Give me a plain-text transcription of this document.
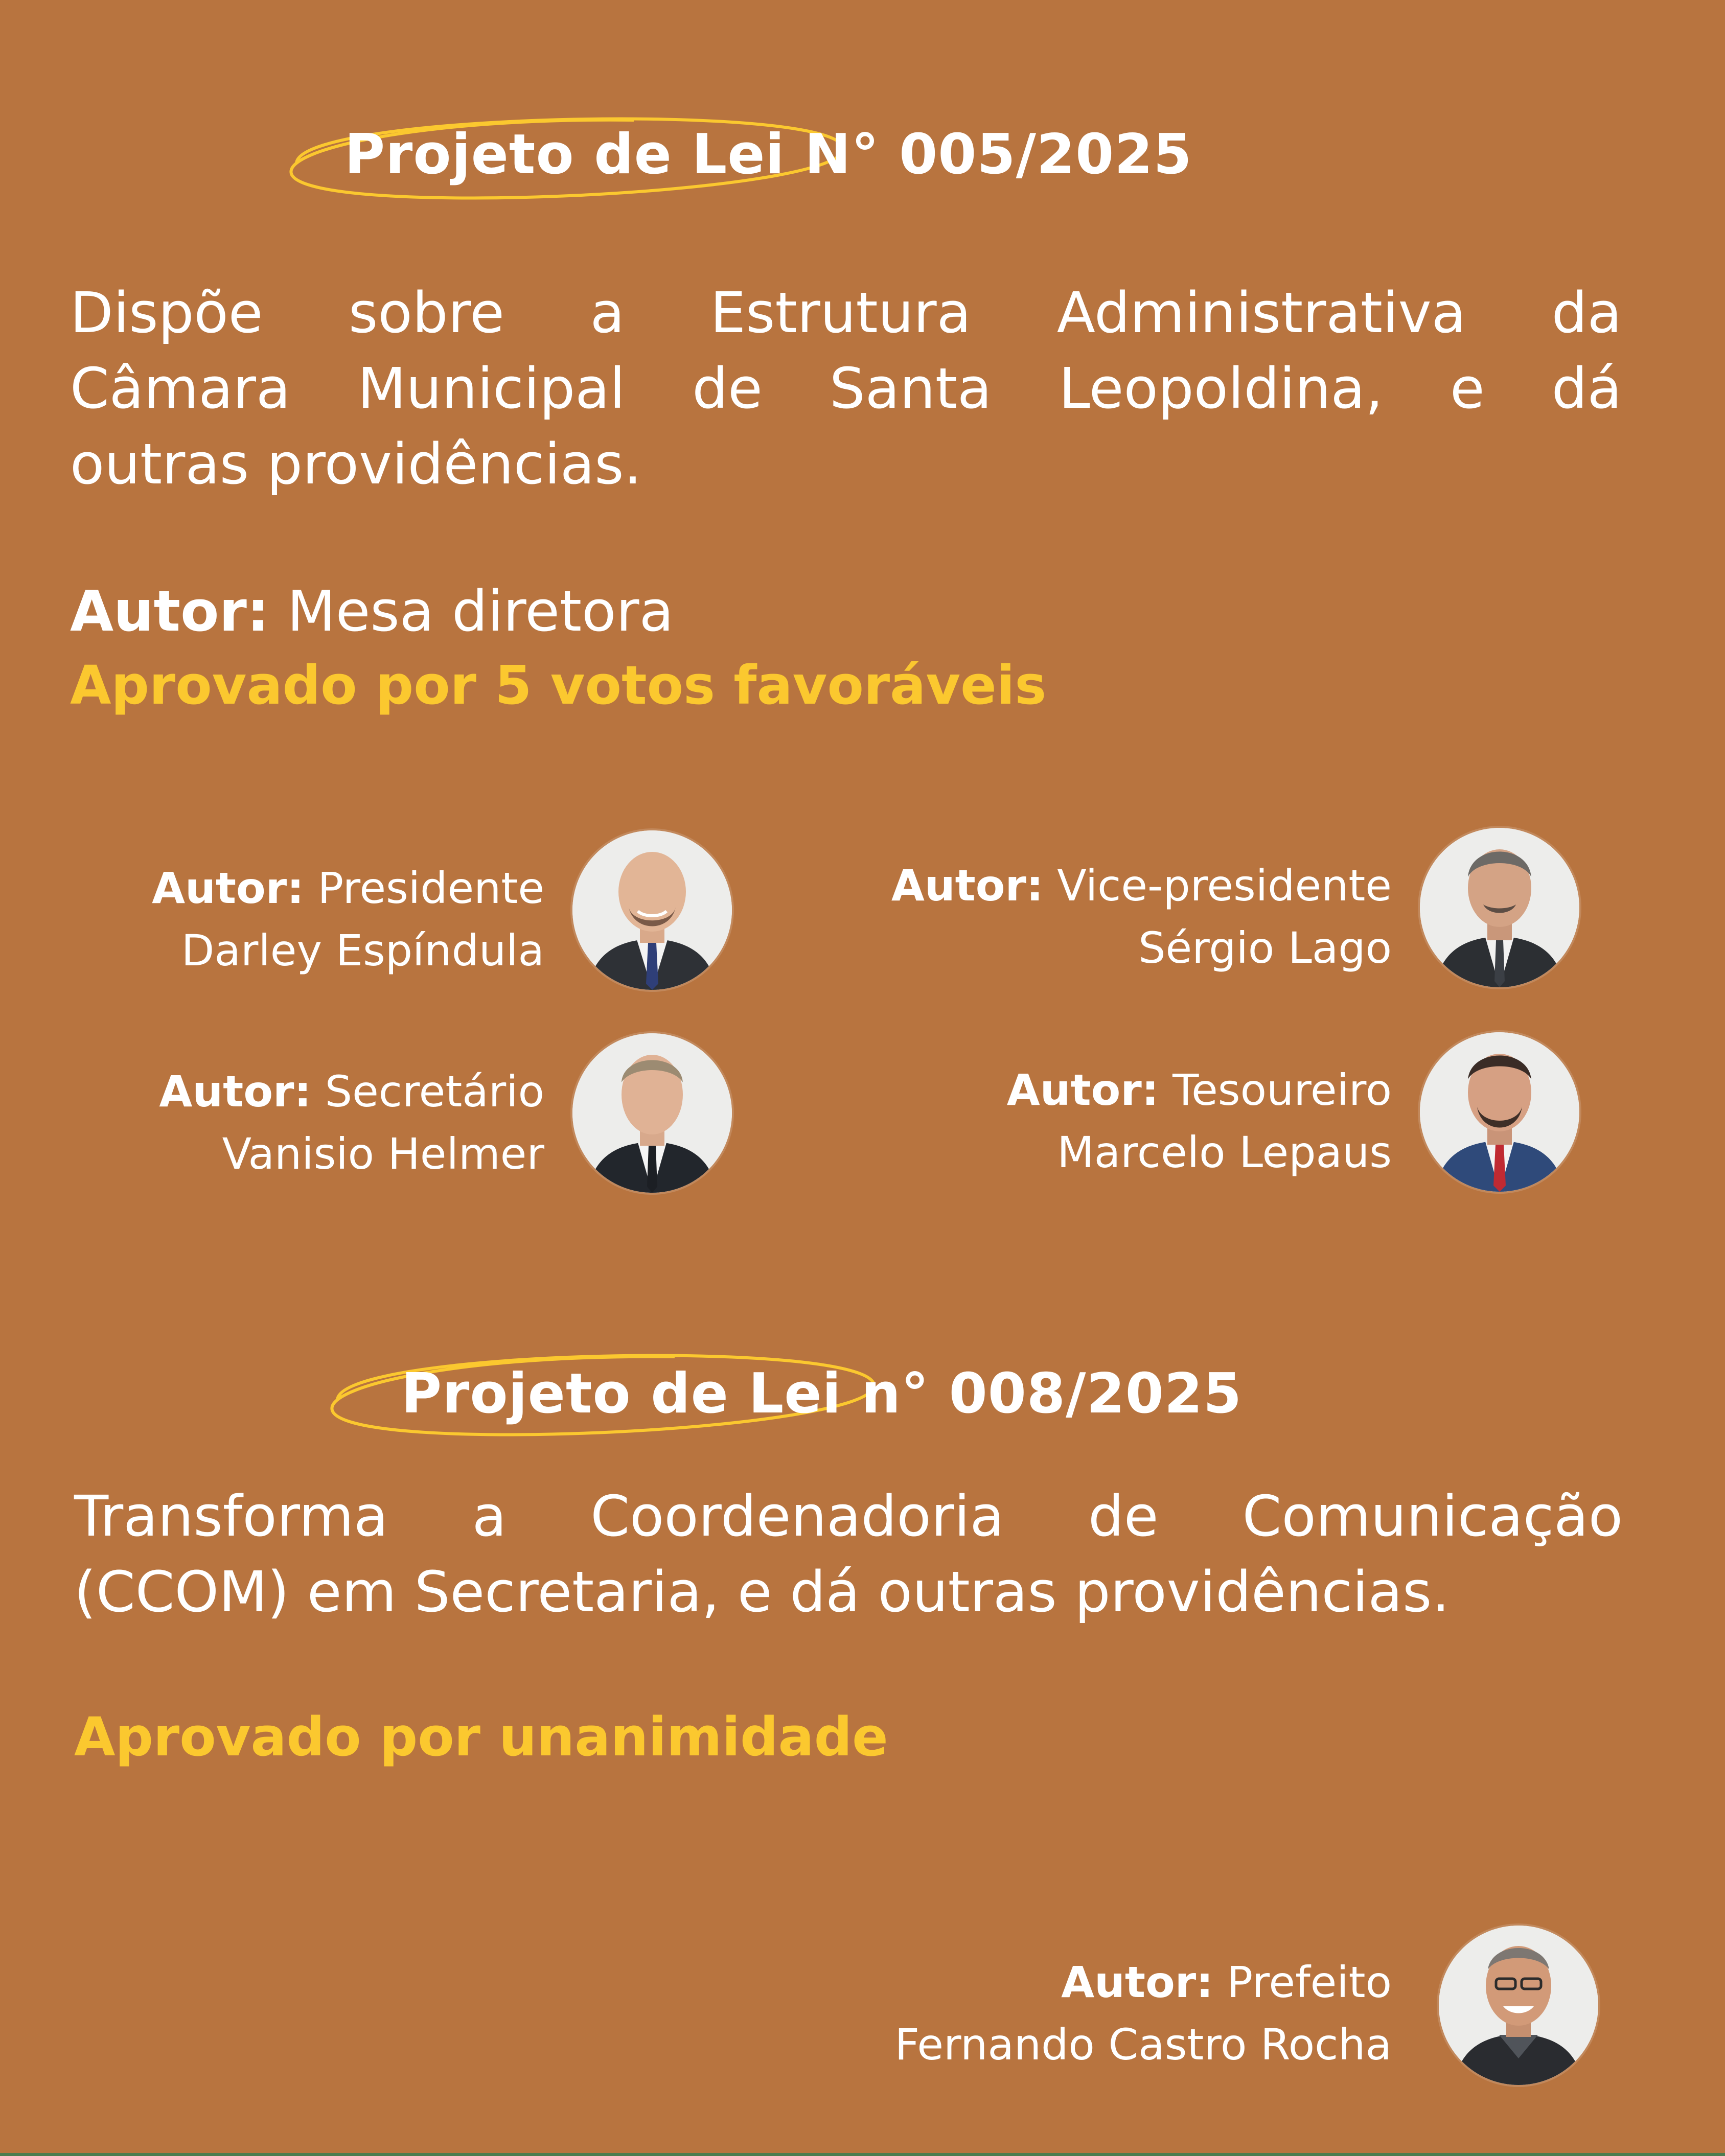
Projeto de Lei N° 005/2025
Dispõe sobre a Estrutura Administrativa da
Câmara Municipal de Santa Leopoldina, e dá
outras providências.
Autor: Mesa diretora
Aprovado por 5 votos favoráveis
Autor: Presidente
Darley Espíndula
Autor: Vice-presidente
Sérgio Lago
Autor: Secretário
Vanisio Helmer
Autor: Tesoureiro
Marcelo Lepaus
Projeto de Lei n° 008/2025
Transforma a Coordenadoria de Comunicação
(CCOM) em Secretaria, e dá outras providências.
Aprovado por unanimidade
Autor: Prefeito
Fernando Castro Rocha
